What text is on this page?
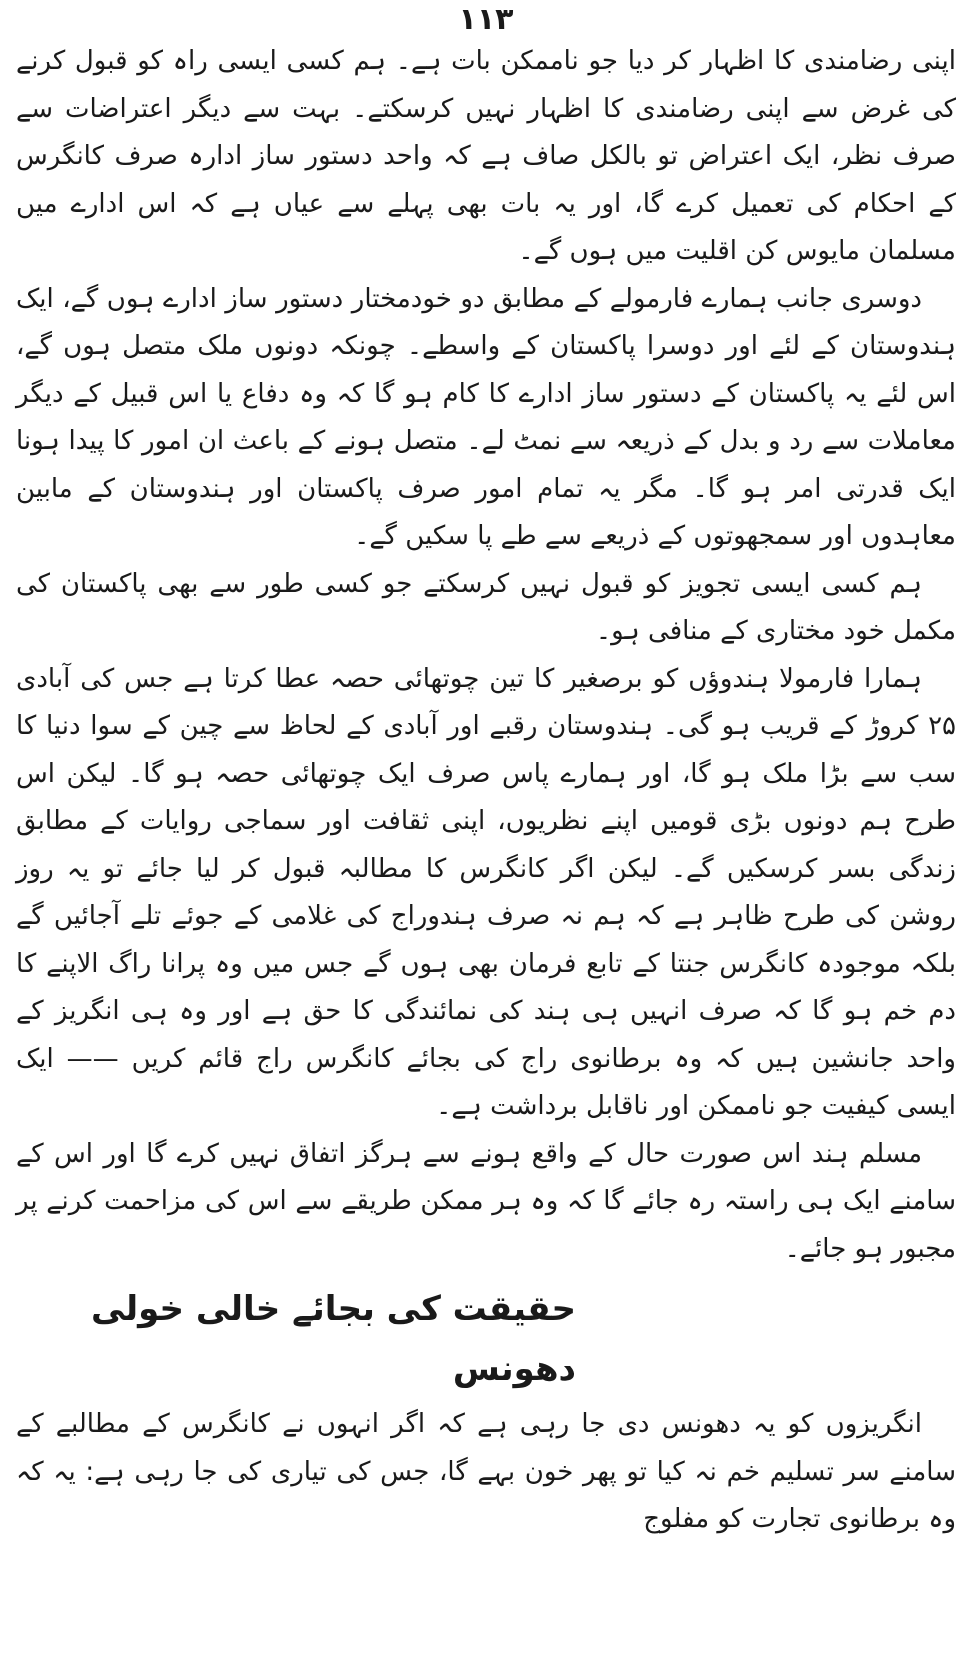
۱۱۳

اپنی رضامندی کا اظہار کر دیا جو ناممکن بات ہے۔ ہم کسی ایسی راہ کو قبول کرنے کی غرض سے اپنی رضامندی کا اظہار نہیں کرسکتے۔ بہت سے دیگر اعتراضات سے صرف نظر، ایک اعتراض تو بالکل صاف ہے کہ واحد دستور ساز ادارہ صرف کانگرس کے احکام کی تعمیل کرے گا، اور یہ بات بھی پہلے سے عیاں ہے کہ اس ادارے میں مسلمان مایوس کن اقلیت میں ہوں گے۔

دوسری جانب ہمارے فارمولے کے مطابق دو خودمختار دستور ساز ادارے ہوں گے، ایک ہندوستان کے لئے اور دوسرا پاکستان کے واسطے۔ چونکہ دونوں ملک متصل ہوں گے، اس لئے یہ پاکستان کے دستور ساز ادارے کا کام ہو گا کہ وہ دفاع یا اس قبیل کے دیگر معاملات سے رد و بدل کے ذریعہ سے نمٹ لے۔ متصل ہونے کے باعث ان امور کا پیدا ہونا ایک قدرتی امر ہو گا۔ مگر یہ تمام امور صرف پاکستان اور ہندوستان کے مابین معاہدوں اور سمجھوتوں کے ذریعے سے طے پا سکیں گے۔

ہم کسی ایسی تجویز کو قبول نہیں کرسکتے جو کسی طور سے بھی پاکستان کی مکمل خود مختاری کے منافی ہو۔

ہمارا فارمولا ہندوؤں کو برصغیر کا تین چوتھائی حصہ عطا کرتا ہے جس کی آبادی ۲۵ کروڑ کے قریب ہو گی۔ ہندوستان رقبے اور آبادی کے لحاظ سے چین کے سوا دنیا کا سب سے بڑا ملک ہو گا، اور ہمارے پاس صرف ایک چوتھائی حصہ ہو گا۔ لیکن اس طرح ہم دونوں بڑی قومیں اپنے نظریوں، اپنی ثقافت اور سماجی روایات کے مطابق زندگی بسر کرسکیں گے۔ لیکن اگر کانگرس کا مطالبہ قبول کر لیا جائے تو یہ روز روشن کی طرح ظاہر ہے کہ ہم نہ صرف ہندوراج کی غلامی کے جوئے تلے آجائیں گے بلکہ موجودہ کانگرس جنتا کے تابع فرمان بھی ہوں گے جس میں وہ پرانا راگ الاپنے کا دم خم ہو گا کہ صرف انہیں ہی ہند کی نمائندگی کا حق ہے اور وہ ہی انگریز کے واحد جانشین ہیں کہ وہ برطانوی راج کی بجائے کانگرس راج قائم کریں —— ایک ایسی کیفیت جو ناممکن اور ناقابل برداشت ہے۔

مسلم ہند اس صورت حال کے واقع ہونے سے ہرگز اتفاق نہیں کرے گا اور اس کے سامنے ایک ہی راستہ رہ جائے گا کہ وہ ہر ممکن طریقے سے اس کی مزاحمت کرنے پر مجبور ہو جائے۔

حقیقت کی بجائے خالی خولی دھونس

انگریزوں کو یہ دھونس دی جا رہی ہے کہ اگر انہوں نے کانگرس کے مطالبے کے سامنے سر تسلیم خم نہ کیا تو پھر خون بہے گا، جس کی تیاری کی جا رہی ہے: یہ کہ وہ برطانوی تجارت کو مفلوج
